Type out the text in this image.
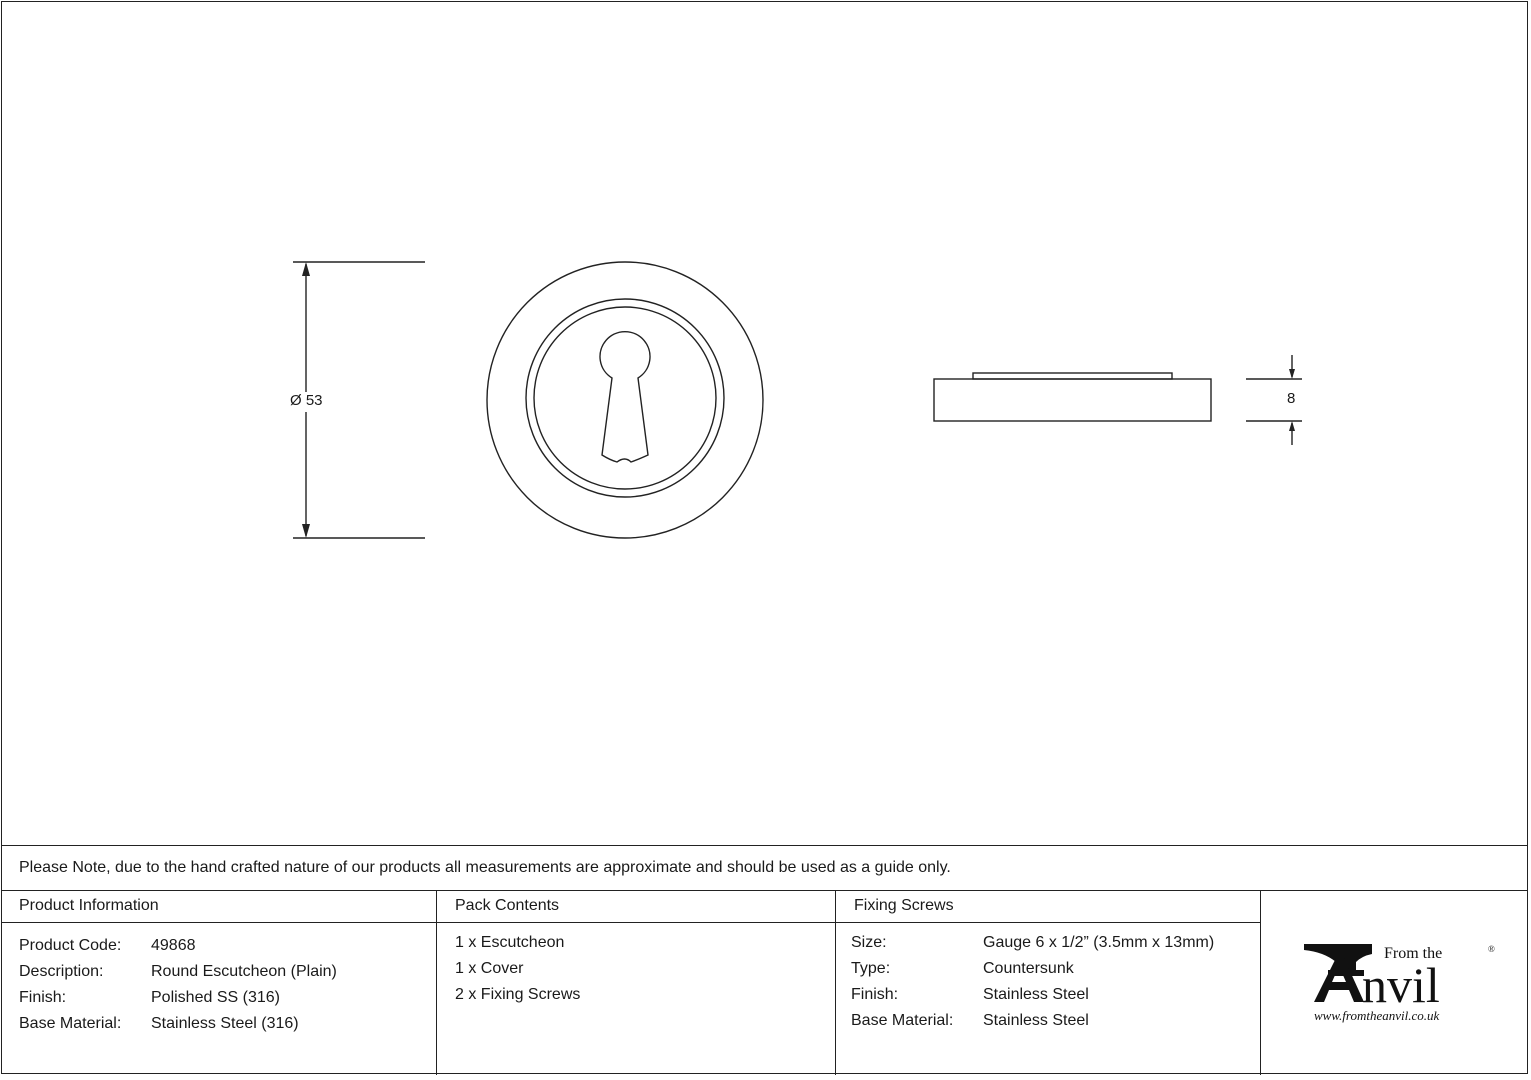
Ø 53	8
Please Note, due to the hand crafted nature of our products all measurements are approximate and should be used as a guide only.
Product Information
Product Code: 49868
Description:	Round Escutcheon (Plain)
Finish:	Polished SS (316)
Base Material: Stainless Steel (316)
Pack Contents
1 x Escutcheon
1 x Cover
2 x Fixing Screws
Fixing Screws
Size:	Gauge 6 x 1/2” (3.5mm x 13mm)
Type:	Countersunk
Finish:	Stainless Steel
Base Material: Stainless Steel
From the
nvil
®
www.fromtheanvil.co.uk
